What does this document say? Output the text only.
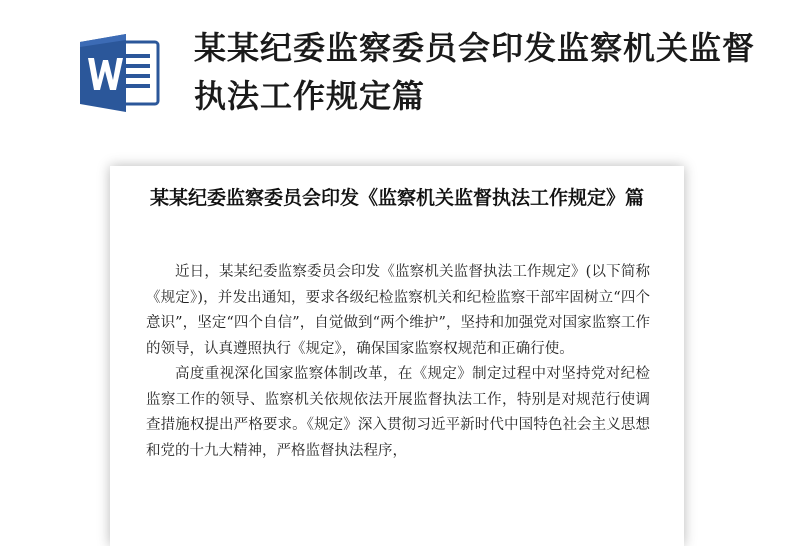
某某纪委监察委员会印发监察机关监督执法工作规定篇
某某纪委监察委员会印发《监察机关监督执法工作规定》篇

近日，某某纪委监察委员会印发《监察机关监督执法工作规定》(以下简称《规定》)，并发出通知，要求各级纪检监察机关和纪检监察干部牢固树立“四个意识”，坚定“四个自信”，自觉做到“两个维护”，坚持和加强党对国家监察工作的领导，认真遵照执行《规定》，确保国家监察权规范和正确行使。

高度重视深化国家监察体制改革，在《规定》制定过程中对坚持党对纪检监察工作的领导、监察机关依规依法开展监督执法工作，特别是对规范行使调查措施权提出严格要求。《规定》深入贯彻习近平新时代中国特色社会主义思想和党的十九大精神，严格监督执法程序，
